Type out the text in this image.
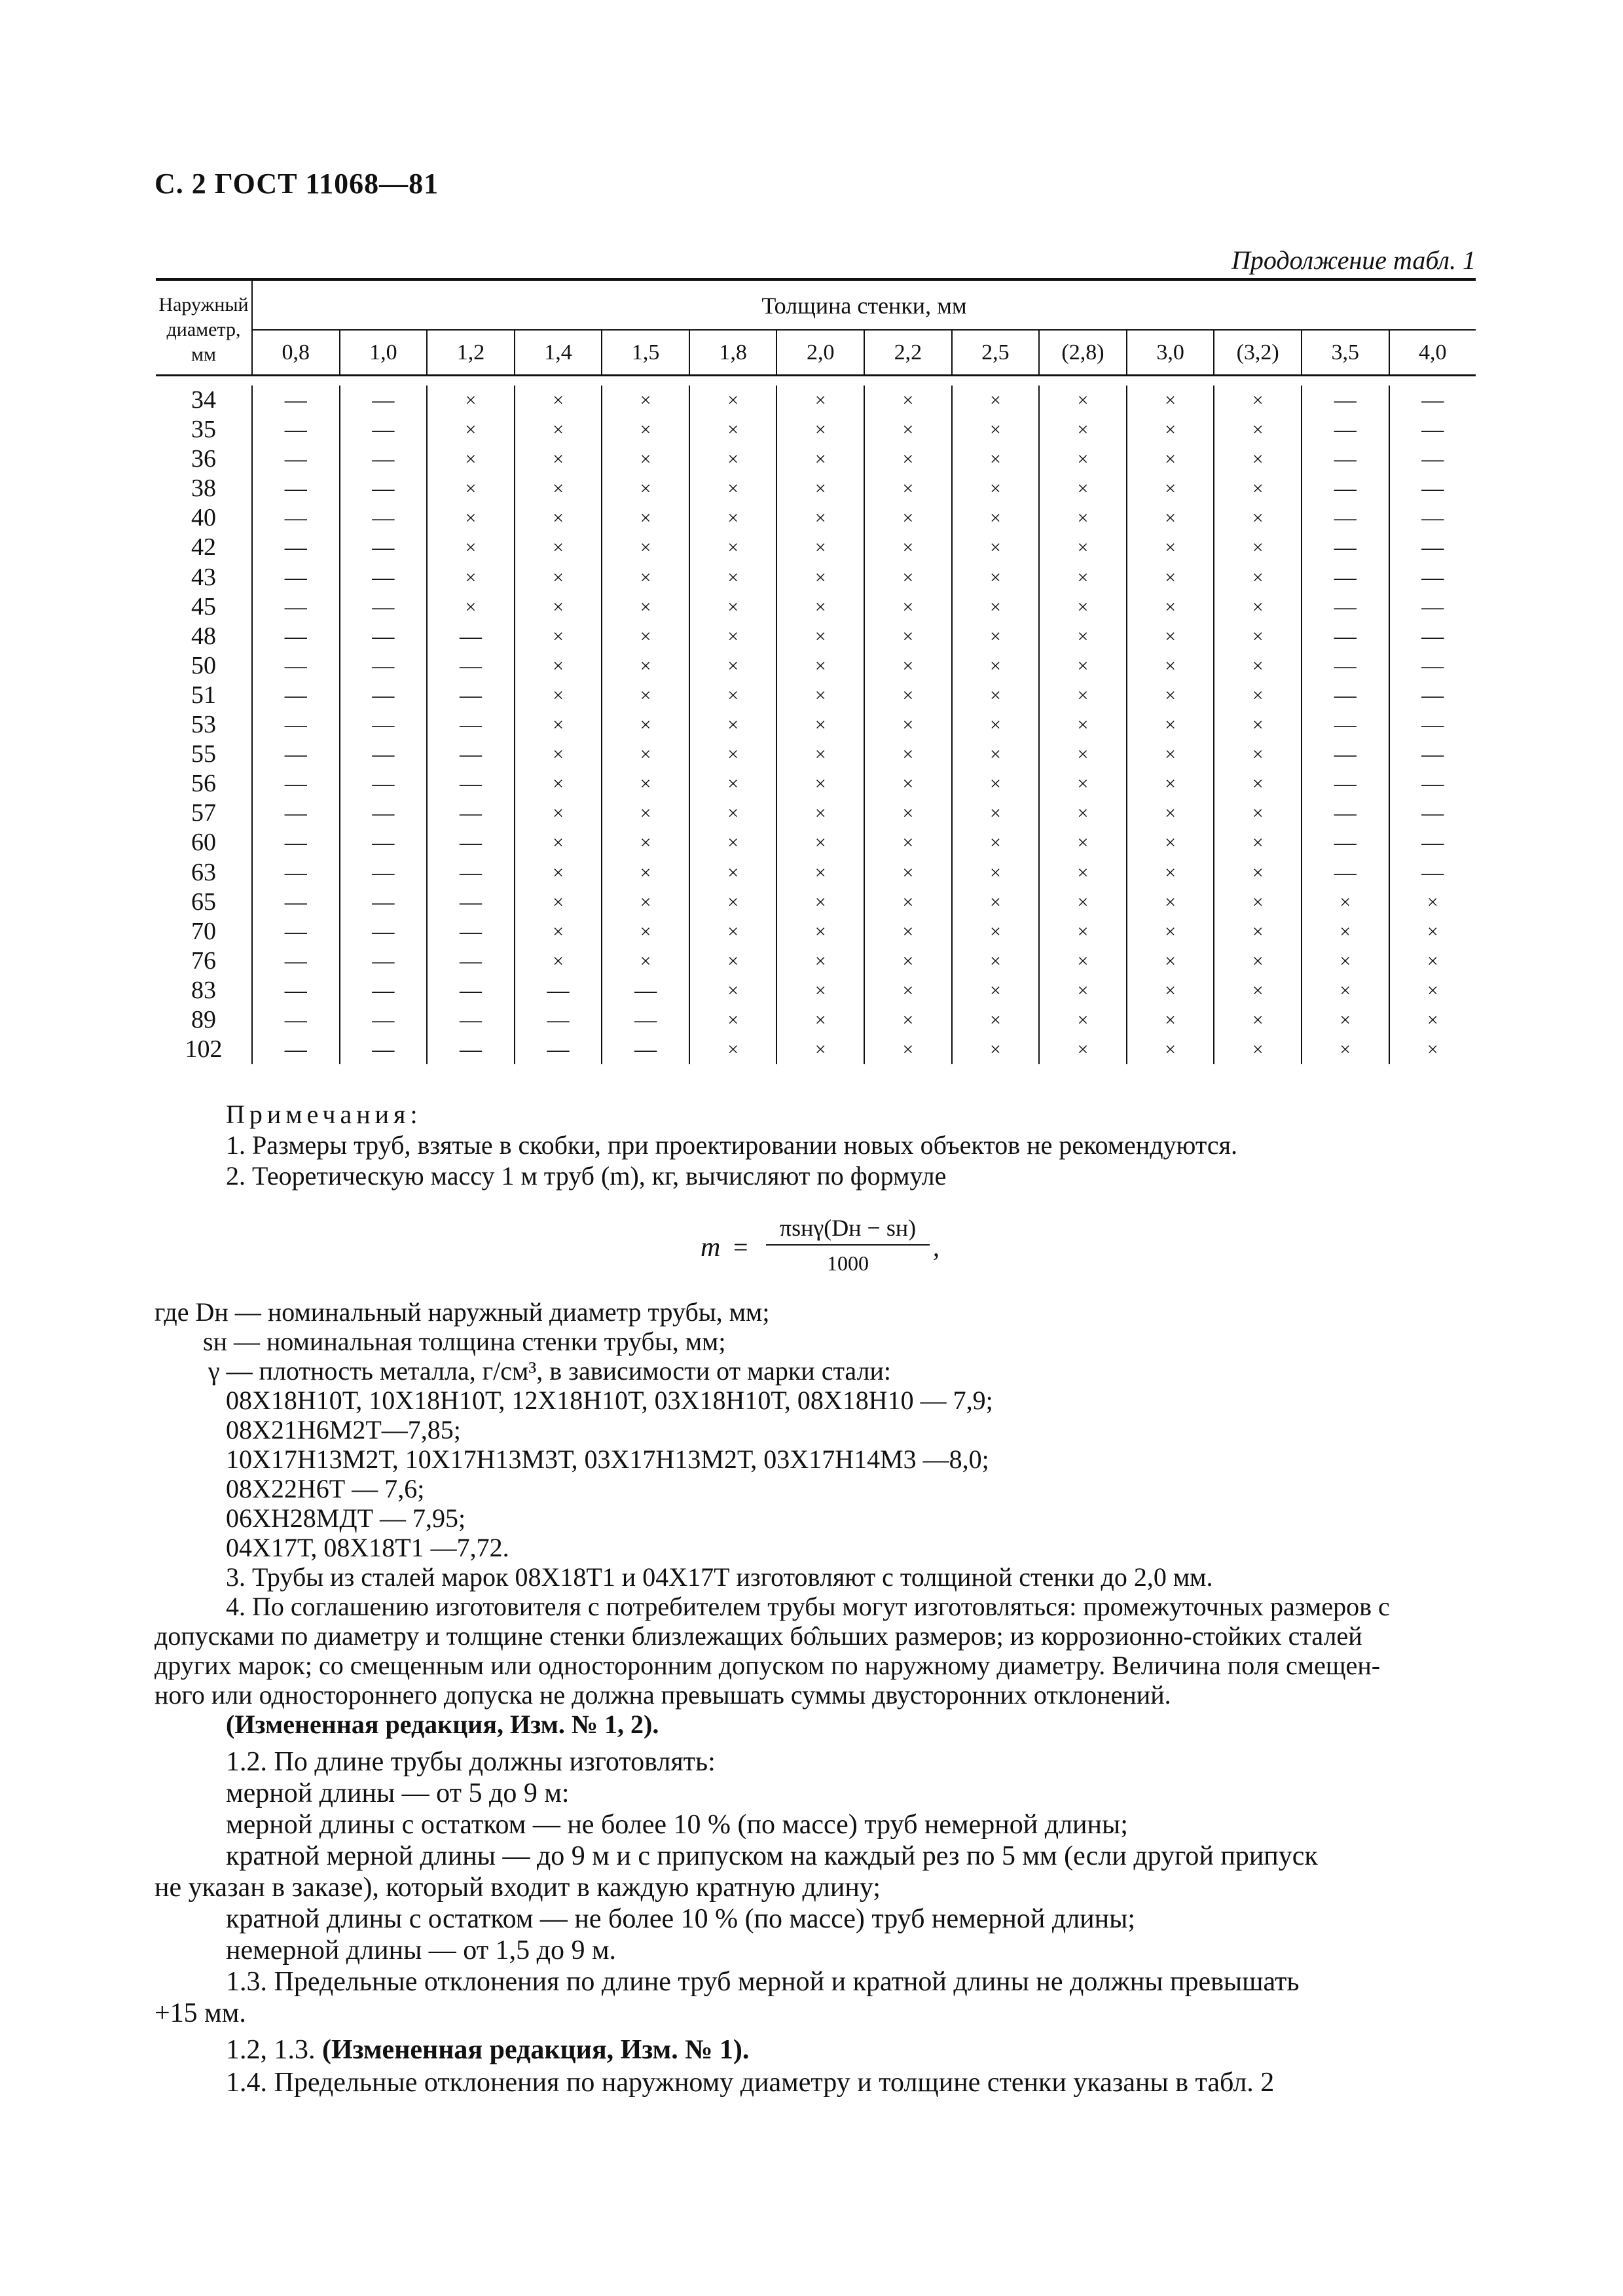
С. 2 ГОСТ 11068—81
Продолжение табл. 1
Наружный
диаметр,
мм
Толщина стенки, мм
0,8	1,0	1,2	1,4	1,5	1,8	2,0	2,2	2,5	(2,8)	3,0	(3,2)	3,5	4,0
34	—	—	×	×	×	×	×	×	×	×	×	×	—	—
35	—	—	×	×	×	×	×	×	×	×	×	×	—	—
36	—	—	×	×	×	×	×	×	×	×	×	×	—	—
38	—	—	×	×	×	×	×	×	×	×	×	×	—	—
40	—	—	×	×	×	×	×	×	×	×	×	×	—	—
42	—	—	×	×	×	×	×	×	×	×	×	×	—	—
43	—	—	×	×	×	×	×	×	×	×	×	×	—	—
45	—	—	×	×	×	×	×	×	×	×	×	×	—	—
48	—	—	—	×	×	×	×	×	×	×	×	×	—	—
50	—	—	—	×	×	×	×	×	×	×	×	×	—	—
51	—	—	—	×	×	×	×	×	×	×	×	×	—	—
53	—	—	—	×	×	×	×	×	×	×	×	×	—	—
55	—	—	—	×	×	×	×	×	×	×	×	×	—	—
56	—	—	—	×	×	×	×	×	×	×	×	×	—	—
57	—	—	—	×	×	×	×	×	×	×	×	×	—	—
60	—	—	—	×	×	×	×	×	×	×	×	×	—	—
63	—	—	—	×	×	×	×	×	×	×	×	×	—	—
65	—	—	—	×	×	×	×	×	×	×	×	×	×	×
70	—	—	—	×	×	×	×	×	×	×	×	×	×	×
76	—	—	—	×	×	×	×	×	×	×	×	×	×	×
83	—	—	—	—	—	×	×	×	×	×	×	×	×	×
89	—	—	—	—	—	×	×	×	×	×	×	×	×	×
102	—	—	—	—	—	×	×	×	×	×	×	×	×	×
Примечания:
1. Размеры труб, взятые в скобки, при проектировании новых объектов не рекомендуются.
2. Теоретическую массу 1 м труб (m), кг, вычисляют по формуле
m =
πsнγ(Dн − sн)
1000
,
где Dн — номинальный наружный диаметр трубы, мм;
sн — номинальная толщина стенки трубы, мм;
γ — плотность металла, г/см³, в зависимости от марки стали:
08Х18Н10Т, 10Х18Н10Т, 12Х18Н10Т, 03Х18Н10Т, 08Х18Н10 — 7,9;
08Х21Н6М2Т—7,85;
10Х17Н13М2Т, 10Х17Н13М3Т, 03Х17Н13М2Т, 03Х17Н14М3 —8,0;
08Х22Н6Т — 7,6;
06ХН28МДТ — 7,95;
04Х17Т, 08Х18Т1 —7,72.
3. Трубы из сталей марок 08Х18Т1 и 04Х17Т изготовляют с толщиной стенки до 2,0 мм.
4. По соглашению изготовителя с потребителем трубы могут изготовляться: промежуточных размеров с
допусками по диаметру и толщине стенки близлежащих бо̂льших размеров; из коррозионно-стойких сталей
других марок; со смещенным или односторонним допуском по наружному диаметру. Величина поля смещен-
ного или одностороннего допуска не должна превышать суммы двусторонних отклонений.
(Измененная редакция, Изм. № 1, 2).
1.2. По длине трубы должны изготовлять:
мерной длины — от 5 до 9 м:
мерной длины с остатком — не более 10 % (по массе) труб немерной длины;
кратной мерной длины — до 9 м и с припуском на каждый рез по 5 мм (если другой припуск
не указан в заказе), который входит в каждую кратную длину;
кратной длины с остатком — не более 10 % (по массе) труб немерной длины;
немерной длины — от 1,5 до 9 м.
1.3. Предельные отклонения по длине труб мерной и кратной длины не должны превышать
+15 мм.
1.2, 1.3. (Измененная редакция, Изм. № 1).
1.4. Предельные отклонения по наружному диаметру и толщине стенки указаны в табл. 2
